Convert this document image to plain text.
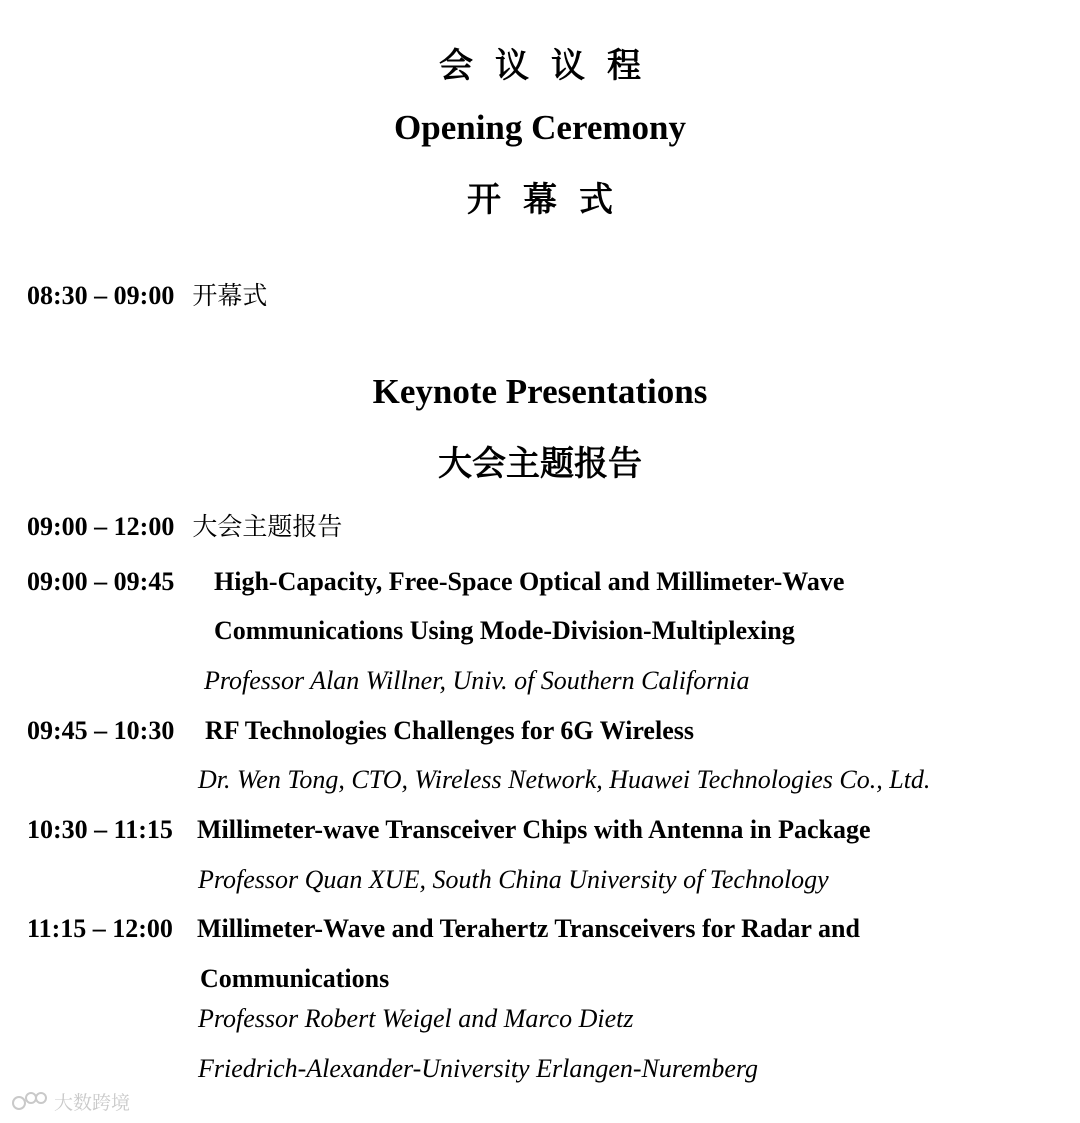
会议议程
Opening Ceremony
开幕式
08:30 – 09:00 开幕式
Keynote Presentations
大会主题报告
09:00 – 12:00 大会主题报告
09:00 – 09:45 High-Capacity, Free-Space Optical and Millimeter-Wave
Communications Using Mode-Division-Multiplexing
Professor Alan Willner, Univ. of Southern California
09:45 – 10:30 RF Technologies Challenges for 6G Wireless
Dr. Wen Tong, CTO, Wireless Network, Huawei Technologies Co., Ltd.
10:30 – 11:15 Millimeter-wave Transceiver Chips with Antenna in Package
Professor Quan XUE, South China University of Technology
11:15 – 12:00 Millimeter-Wave and Terahertz Transceivers for Radar and
Communications
Professor Robert Weigel and Marco Dietz
Friedrich-Alexander-University Erlangen-Nuremberg
大数跨境
